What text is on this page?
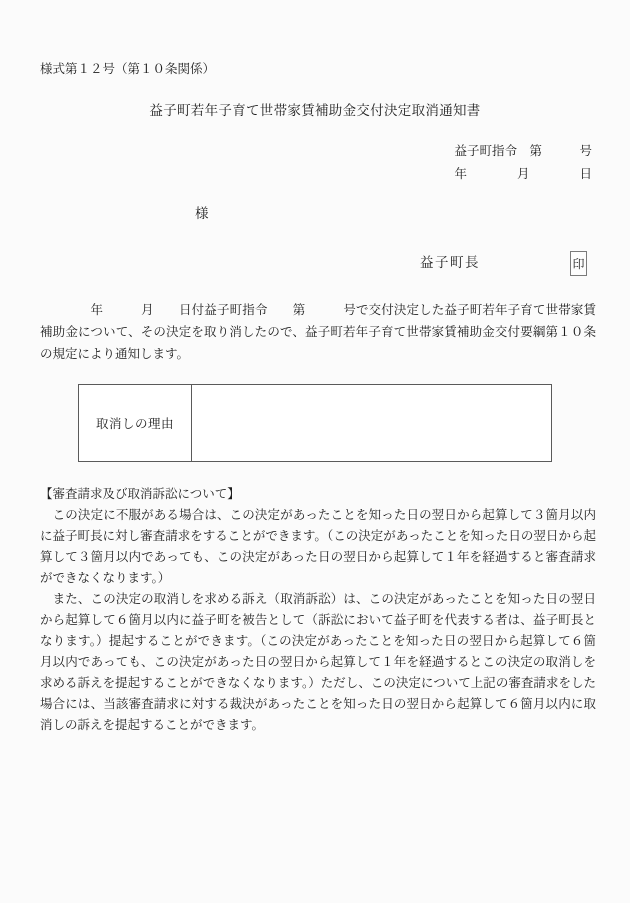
様式第１２号（第１０条関係）
益子町若年子育て世帯家賃補助金交付決定取消通知書
益子町指令　第　　　号
年　　　　月　　　　日
様
益子町長	印

　　　　年　　　月　　日付益子町指令　　第　　　号で交付決定した益子町若年子育て世帯家賃補助金について、その決定を取り消したので、益子町若年子育て世帯家賃補助金交付要綱第１０条の規定により通知します。

取消しの理由	
【審査請求及び取消訴訟について】

　この決定に不服がある場合は、この決定があったことを知った日の翌日から起算して３箇月以内に益子町長に対し審査請求をすることができます。（この決定があったことを知った日の翌日から起算して３箇月以内であっても、この決定があった日の翌日から起算して１年を経過すると審査請求ができなくなります。）

　また、この決定の取消しを求める訴え（取消訴訟）は、この決定があったことを知った日の翌日から起算して６箇月以内に益子町を被告として（訴訟において益子町を代表する者は、益子町長となります。）提起することができます。（この決定があったことを知った日の翌日から起算して６箇月以内であっても、この決定があった日の翌日から起算して１年を経過するとこの決定の取消しを求める訴えを提起することができなくなります。）ただし、この決定について上記の審査請求をした場合には、当該審査請求に対する裁決があったことを知った日の翌日から起算して６箇月以内に取消しの訴えを提起することができます。
